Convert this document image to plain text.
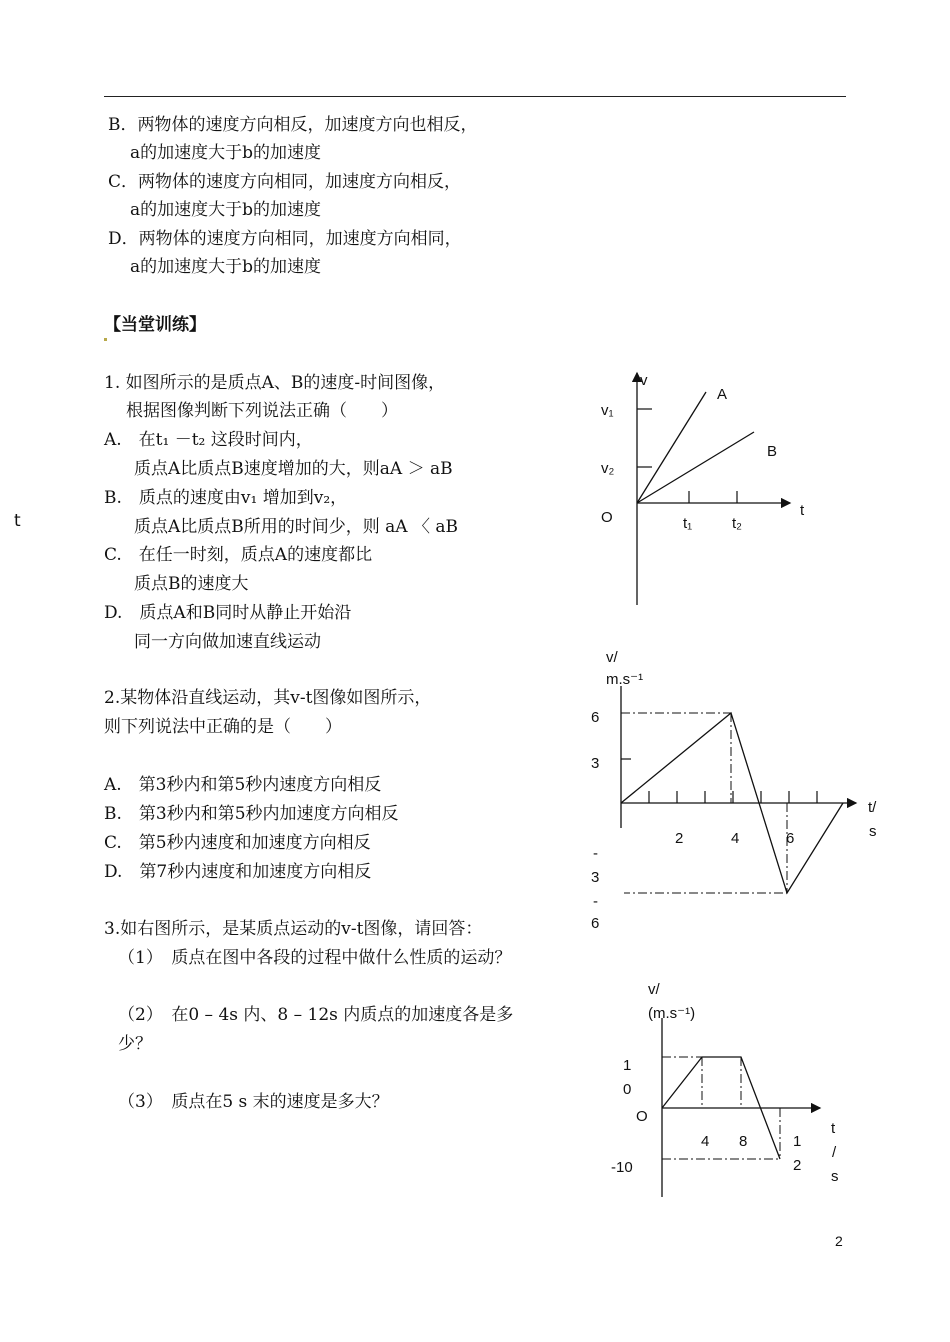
B．两物体的速度方向相反，加速度方向也相反，
a的加速度大于b的加速度
C．两物体的速度方向相同，加速度方向相反，
a的加速度大于b的加速度
D．两物体的速度方向相同，加速度方向相同，
a的加速度大于b的加速度
【当堂训练】
t
1. 如图所示的是质点A、B的速度-时间图像，
根据图像判断下列说法正确（　　）
A.　在t₁ －t₂ 这段时间内，
质点A比质点B速度增加的大，则aA ＞ aB
B.　质点的速度由v₁ 增加到v₂，
质点A比质点B所用的时间少，则 aA 〈 aB
C.　在任一时刻，质点A的速度都比
质点B的速度大
D.　质点A和B同时从静止开始沿
同一方向做加速直线运动
2.某物体沿直线运动，其v-t图像如图所示，
则下列说法中正确的是（　　）
A.　第3秒内和第5秒内速度方向相反
B.　第3秒内和第5秒内加速度方向相反
C.　第5秒内速度和加速度方向相反
D.　第7秒内速度和加速度方向相反
3.如右图所示，是某质点运动的v-t图像，请回答：
（1）　质点在图中各段的过程中做什么性质的运动？
（2）　在0 – 4s 内、8 – 12s 内质点的加速度各是多
少？
（3）　质点在5 s 末的速度是多大？
v
t
O
v₁
v₂
t₁	t₂
A
B
v/
m.s⁻¹
t/
s
6
3
-
3
-
6
2	4	6
v/
(m.s⁻¹)
t
/
s
1
0
O
-10
4 8	1
2
2
